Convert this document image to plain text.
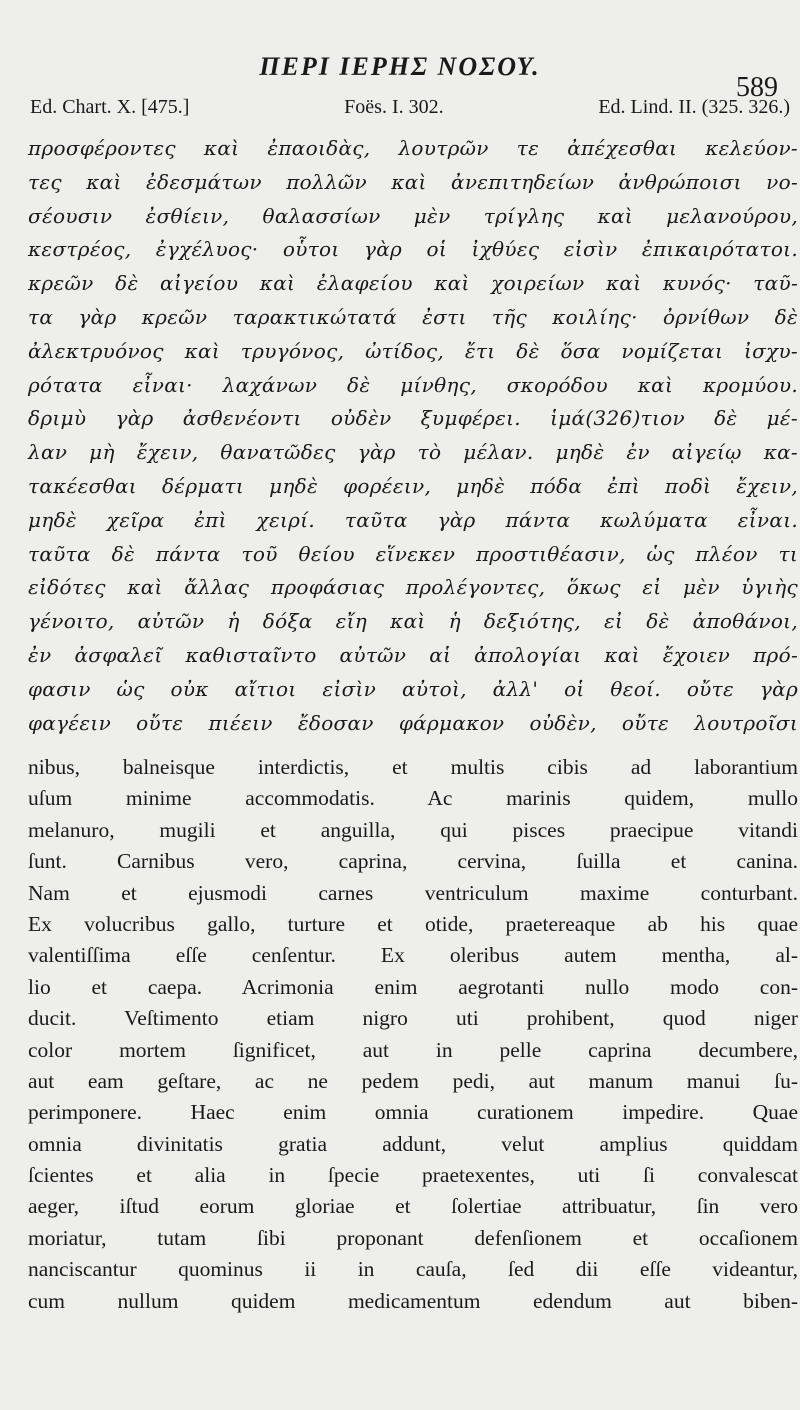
ΠΕΡΙ ΙΕΡΗΣ ΝΟΣΟΥ.
589
Ed. Chart. X. [475.]	Foës. I. 302.	Ed. Lind. II. (325. 326.)
προσφέροντες καὶ ἐπαοιδὰς, λουτρῶν τε ἀπέχεσθαι κελεύον-
τες καὶ ἐδεσμάτων πολλῶν καὶ ἀνεπιτηδείων ἀνθρώποισι νο-
σέουσιν ἐσθίειν, θαλασσίων μὲν τρίγλης καὶ μελανούρου,
κεστρέος, ἐγχέλυος· οὗτοι γὰρ οἱ ἰχθύες εἰσὶν ἐπικαιρότατοι.
κρεῶν δὲ αἰγείου καὶ ἐλαφείου καὶ χοιρείων καὶ κυνός· ταῦ-
τα γὰρ κρεῶν ταρακτικώτατά ἐστι τῆς κοιλίης· ὀρνίθων δὲ
ἀλεκτρυόνος καὶ τρυγόνος, ὠτίδος, ἔτι δὲ ὅσα νομίζεται ἰσχυ-
ρότατα εἶναι· λαχάνων δὲ μίνθης, σκορόδου καὶ κρομύου.
δριμὺ γὰρ ἀσθενέοντι οὐδὲν ξυμφέρει. ἱμά(326)τιον δὲ μέ-
λαν μὴ ἔχειν, θανατῶδες γὰρ τὸ μέλαν. μηδὲ ἐν αἰγείῳ κα-
τακέεσθαι δέρματι μηδὲ φορέειν, μηδὲ πόδα ἐπὶ ποδὶ ἔχειν,
μηδὲ χεῖρα ἐπὶ χειρί. ταῦτα γὰρ πάντα κωλύματα εἶναι.
ταῦτα δὲ πάντα τοῦ θείου εἵνεκεν προστιθέασιν, ὡς πλέον τι
εἰδότες καὶ ἄλλας προφάσιας προλέγοντες, ὅκως εἰ μὲν ὑγιὴς
γένοιτο, αὐτῶν ἡ δόξα εἴη καὶ ἡ δεξιότης, εἰ δὲ ἀποθάνοι,
ἐν ἀσφαλεῖ καθισταῖντο αὐτῶν αἱ ἀπολογίαι καὶ ἔχοιεν πρό-
φασιν ὡς οὐκ αἴτιοι εἰσὶν αὐτοὶ, ἀλλ' οἱ θεοί. οὔτε γὰρ
φαγέειν οὔτε πιέειν ἔδοσαν φάρμακον οὐδὲν, οὔτε λουτροῖσι
nibus, balneisque interdictis, et multis cibis ad laborantium
uſum minime accommodatis. Ac marinis quidem, mullo
melanuro, mugili et anguilla, qui pisces praecipue vitandi
ſunt. Carnibus vero, caprina, cervina, ſuilla et canina.
Nam et ejusmodi carnes ventriculum maxime conturbant.
Ex volucribus gallo, turture et otide, praetereaque ab his quae
valentiſſima eſſe cenſentur. Ex oleribus autem mentha, al-
lio et caepa. Acrimonia enim aegrotanti nullo modo con-
ducit. Veſtimento etiam nigro uti prohibent, quod niger
color mortem ſignificet, aut in pelle caprina decumbere,
aut eam geſtare, ac ne pedem pedi, aut manum manui ſu-
perimponere. Haec enim omnia curationem impedire. Quae
omnia divinitatis gratia addunt, velut amplius quiddam
ſcientes et alia in ſpecie praetexentes, uti ſi convalescat
aeger, iſtud eorum gloriae et ſolertiae attribuatur, ſin vero
moriatur, tutam ſibi proponant defenſionem et occaſionem
nanciscantur quominus ii in cauſa, ſed dii eſſe videantur,
cum nullum quidem medicamentum edendum aut biben-
